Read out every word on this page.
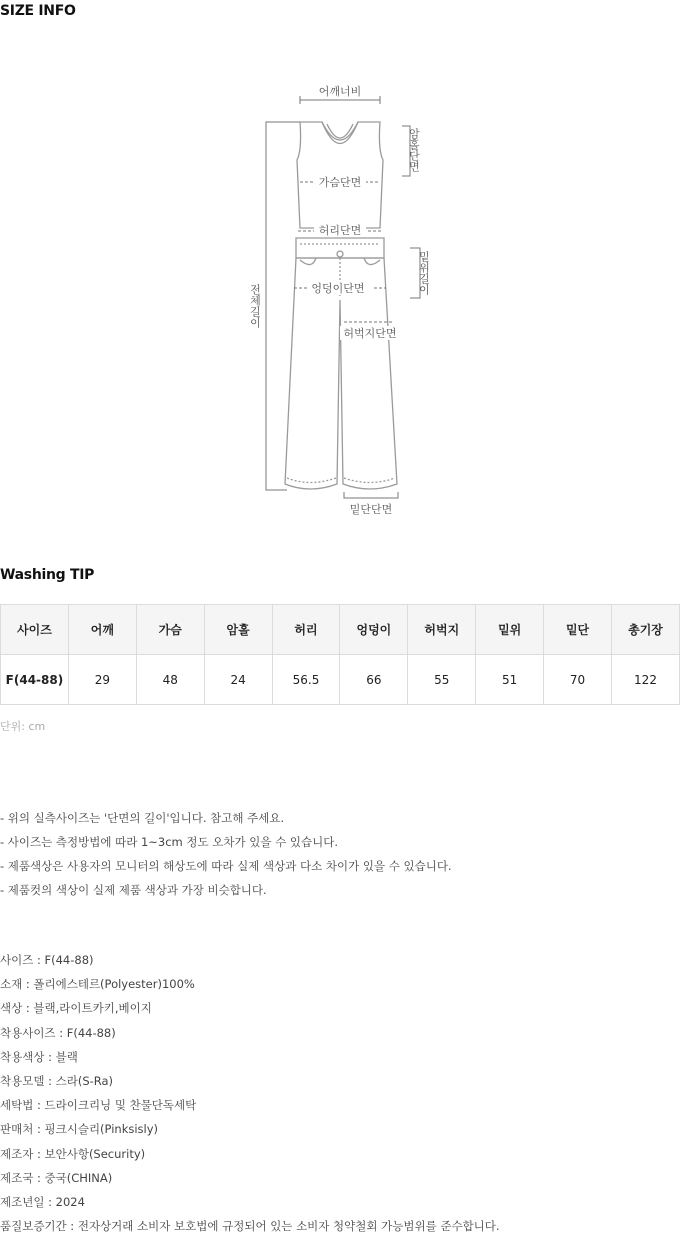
SIZE INFO
어깨너비
암홀단면
가슴단면
허리단면
밑위길이
엉덩이단면
허벅지단면
전체길이
밑단단면
Washing TIP
사이즈	어깨	가슴	암홀	허리	엉덩이	허벅지	밑위	밑단	총기장
F(44-88)	29	48	24	56.5	66	55	51	70	122
단위: cm
- 위의 실측사이즈는 '단면의 길이'입니다. 참고해 주세요.
- 사이즈는 측정방법에 따라 1~3cm 정도 오차가 있을 수 있습니다.
- 제품색상은 사용자의 모니터의 해상도에 따라 실제 색상과 다소 차이가 있을 수 있습니다.
- 제품컷의 색상이 실제 제품 색상과 가장 비슷합니다.
사이즈 : F(44-88)
소재 : 폴리에스테르(Polyester)100%
색상 : 블랙,라이트카키,베이지
착용사이즈 : F(44-88)
착용색상 : 블랙
착용모델 : 스라(S-Ra)
세탁법 : 드라이크리닝 및 찬물단독세탁
판매처 : 핑크시슬리(Pinksisly)
제조자 : 보안사항(Security)
제조국 : 중국(CHINA)
제조년일 : 2024
품질보증기간 : 전자상거래 소비자 보호법에 규정되어 있는 소비자 청약철회 가능범위를 준수합니다.
